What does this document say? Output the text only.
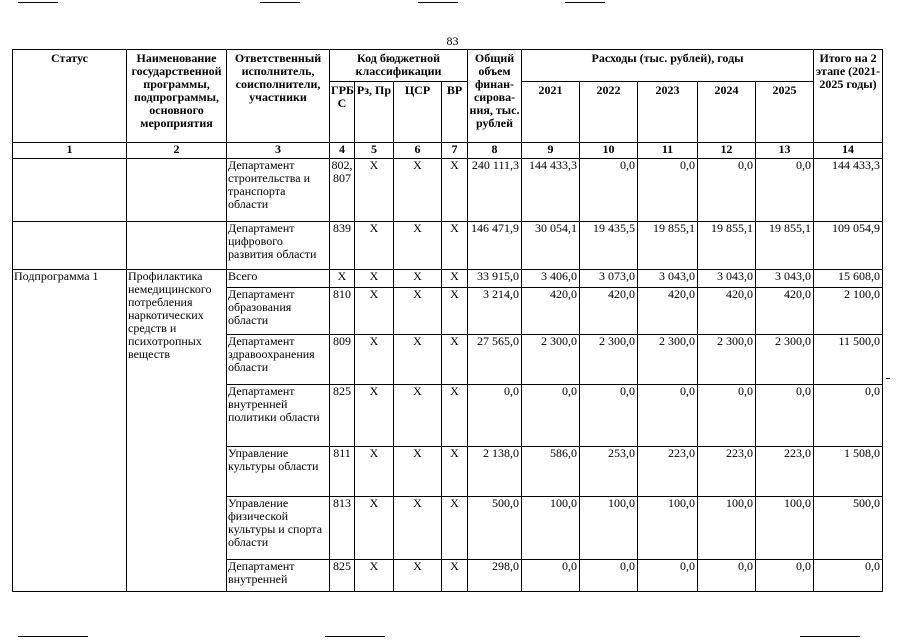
83
Статус	Наименование государственной программы, подпрограммы, основного мероприятия	Ответственный исполнитель, соисполнители, участники	Код бюджетной классификации				Общий объем финан-сирова-ния, тыс. рублей	Расходы (тыс. рублей), годы					Итого на 2 этапе (2021-2025 годы)
			ГРБ С	Рз, Пр	ЦСР	ВР		2021	2022	2023	2024	2025	
1	2	3	4	5	6	7	8	9	10	11	12	13	14
		Департамент строительства и транспорта области	802, 807	X	X	X	240 111,3	144 433,3	0,0	0,0	0,0	0,0	144 433,3
		Департамент цифрового развития области	839	X	X	X	146 471,9	30 054,1	19 435,5	19 855,1	19 855,1	19 855,1	109 054,9
Подпрограмма 1	Профилактика немедицинского потребления наркотических средств и психотропных веществ	Всего	X	X	X	X	33 915,0	3 406,0	3 073,0	3 043,0	3 043,0	3 043,0	15 608,0
		Департамент образования области	810	X	X	X	3 214,0	420,0	420,0	420,0	420,0	420,0	2 100,0
		Департамент здравоохранения области	809	X	X	X	27 565,0	2 300,0	2 300,0	2 300,0	2 300,0	2 300,0	11 500,0
		Департамент внутренней политики области	825	X	X	X	0,0	0,0	0,0	0,0	0,0	0,0	0,0
		Управление культуры области	811	X	X	X	2 138,0	586,0	253,0	223,0	223,0	223,0	1 508,0
		Управление физической культуры и спорта области	813	X	X	X	500,0	100,0	100,0	100,0	100,0	100,0	500,0
		Департамент внутренней	825	X	X	X	298,0	0,0	0,0	0,0	0,0	0,0	0,0
